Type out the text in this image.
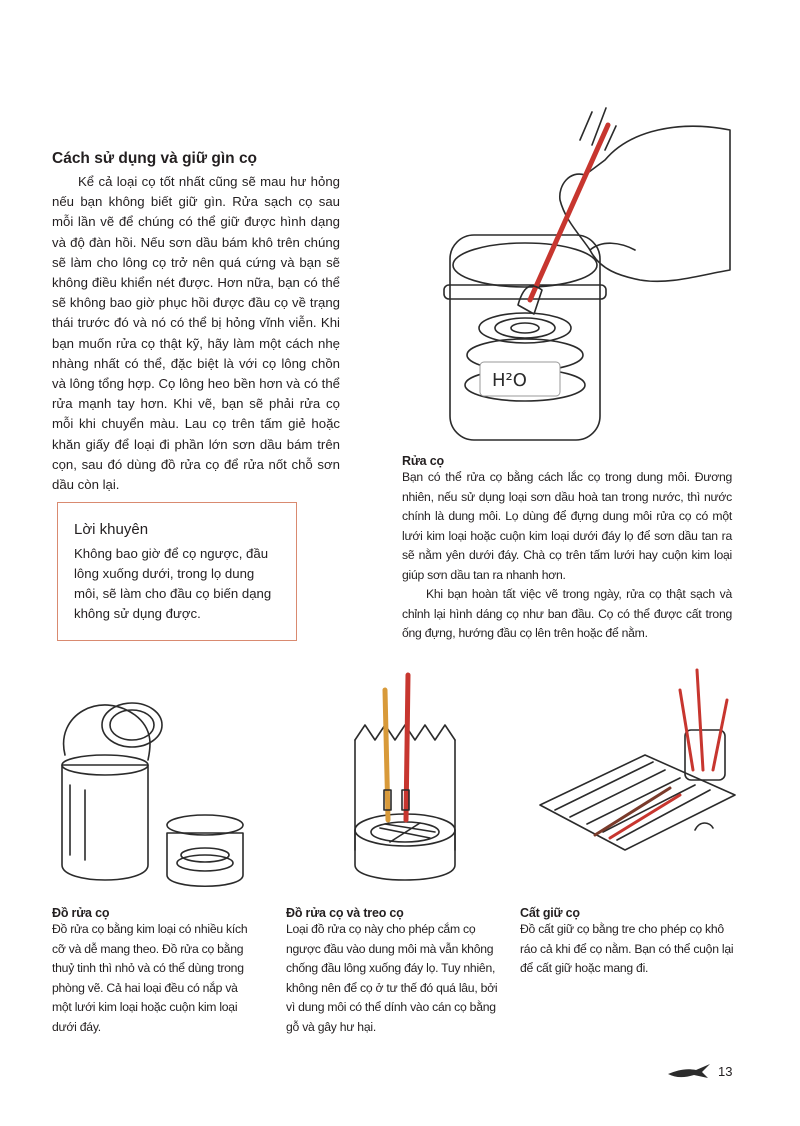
Cách sử dụng và giữ gìn cọ

Kể cả loại cọ tốt nhất cũng sẽ mau hư hỏng nếu bạn không biết giữ gìn. Rửa sạch cọ sau mỗi lần vẽ để chúng có thể giữ được hình dạng và độ đàn hồi. Nếu sơn dầu bám khô trên chúng sẽ làm cho lông cọ trở nên quá cứng và bạn sẽ không điều khiển nét được. Hơn nữa, bạn có thể sẽ không bao giờ phục hồi được đầu cọ về trạng thái trước đó và nó có thể bị hỏng vĩnh viễn. Khi bạn muốn rửa cọ thật kỹ, hãy làm một cách nhẹ nhàng nhất có thể, đặc biệt là với cọ lông chồn và lông tổng hợp. Cọ lông heo bền hơn và có thể rửa mạnh tay hơn. Khi vẽ, bạn sẽ phải rửa cọ mỗi khi chuyển màu. Lau cọ trên tấm giẻ hoặc khăn giấy để loại đi phần lớn sơn dầu bám trên cọn, sau đó dùng đồ rửa cọ để rửa nốt chỗ sơn dầu còn lại.

Lời khuyên

Không bao giờ để cọ ngược, đầu lông xuống dưới, trong lọ dung môi, sẽ làm cho đầu cọ biến dạng không sử dụng được.

H²O

Rửa cọ

Bạn có thể rửa cọ bằng cách lắc cọ trong dung môi. Đương nhiên, nếu sử dụng loại sơn dầu hoà tan trong nước, thì nước chính là dung môi. Lọ dùng để đựng dung môi rửa cọ có một lưới kim loại hoặc cuộn kim loại dưới đáy lọ để sơn dầu tan ra sẽ nằm yên dưới đáy. Chà cọ trên tấm lưới hay cuộn kim loại giúp sơn dầu tan ra nhanh hơn.

Khi bạn hoàn tất việc vẽ trong ngày, rửa cọ thật sạch và chỉnh lại hình dáng cọ như ban đầu. Cọ có thể được cất trong ống đựng, hướng đầu cọ lên trên hoặc để nằm.

Đồ rửa cọ

Đồ rửa cọ bằng kim loại có nhiều kích cỡ và dễ mang theo. Đồ rửa cọ bằng thuỷ tinh thì nhỏ và có thể dùng trong phòng vẽ. Cả hai loại đều có nắp và một lưới kim loại hoặc cuộn kim loại dưới đáy.

Đồ rửa cọ và treo cọ

Loại đồ rửa cọ này cho phép cắm cọ ngược đầu vào dung môi mà vẫn không chống đầu lông xuống đáy lọ. Tuy nhiên, không nên để cọ ở tư thế đó quá lâu, bởi vì dung môi có thể dính vào cán cọ bằng gỗ và gây hư hại.

Cất giữ cọ

Đồ cất giữ cọ bằng tre cho phép cọ khô ráo cả khi để cọ nằm. Bạn có thể cuộn lại để cất giữ hoặc mang đi.

13
